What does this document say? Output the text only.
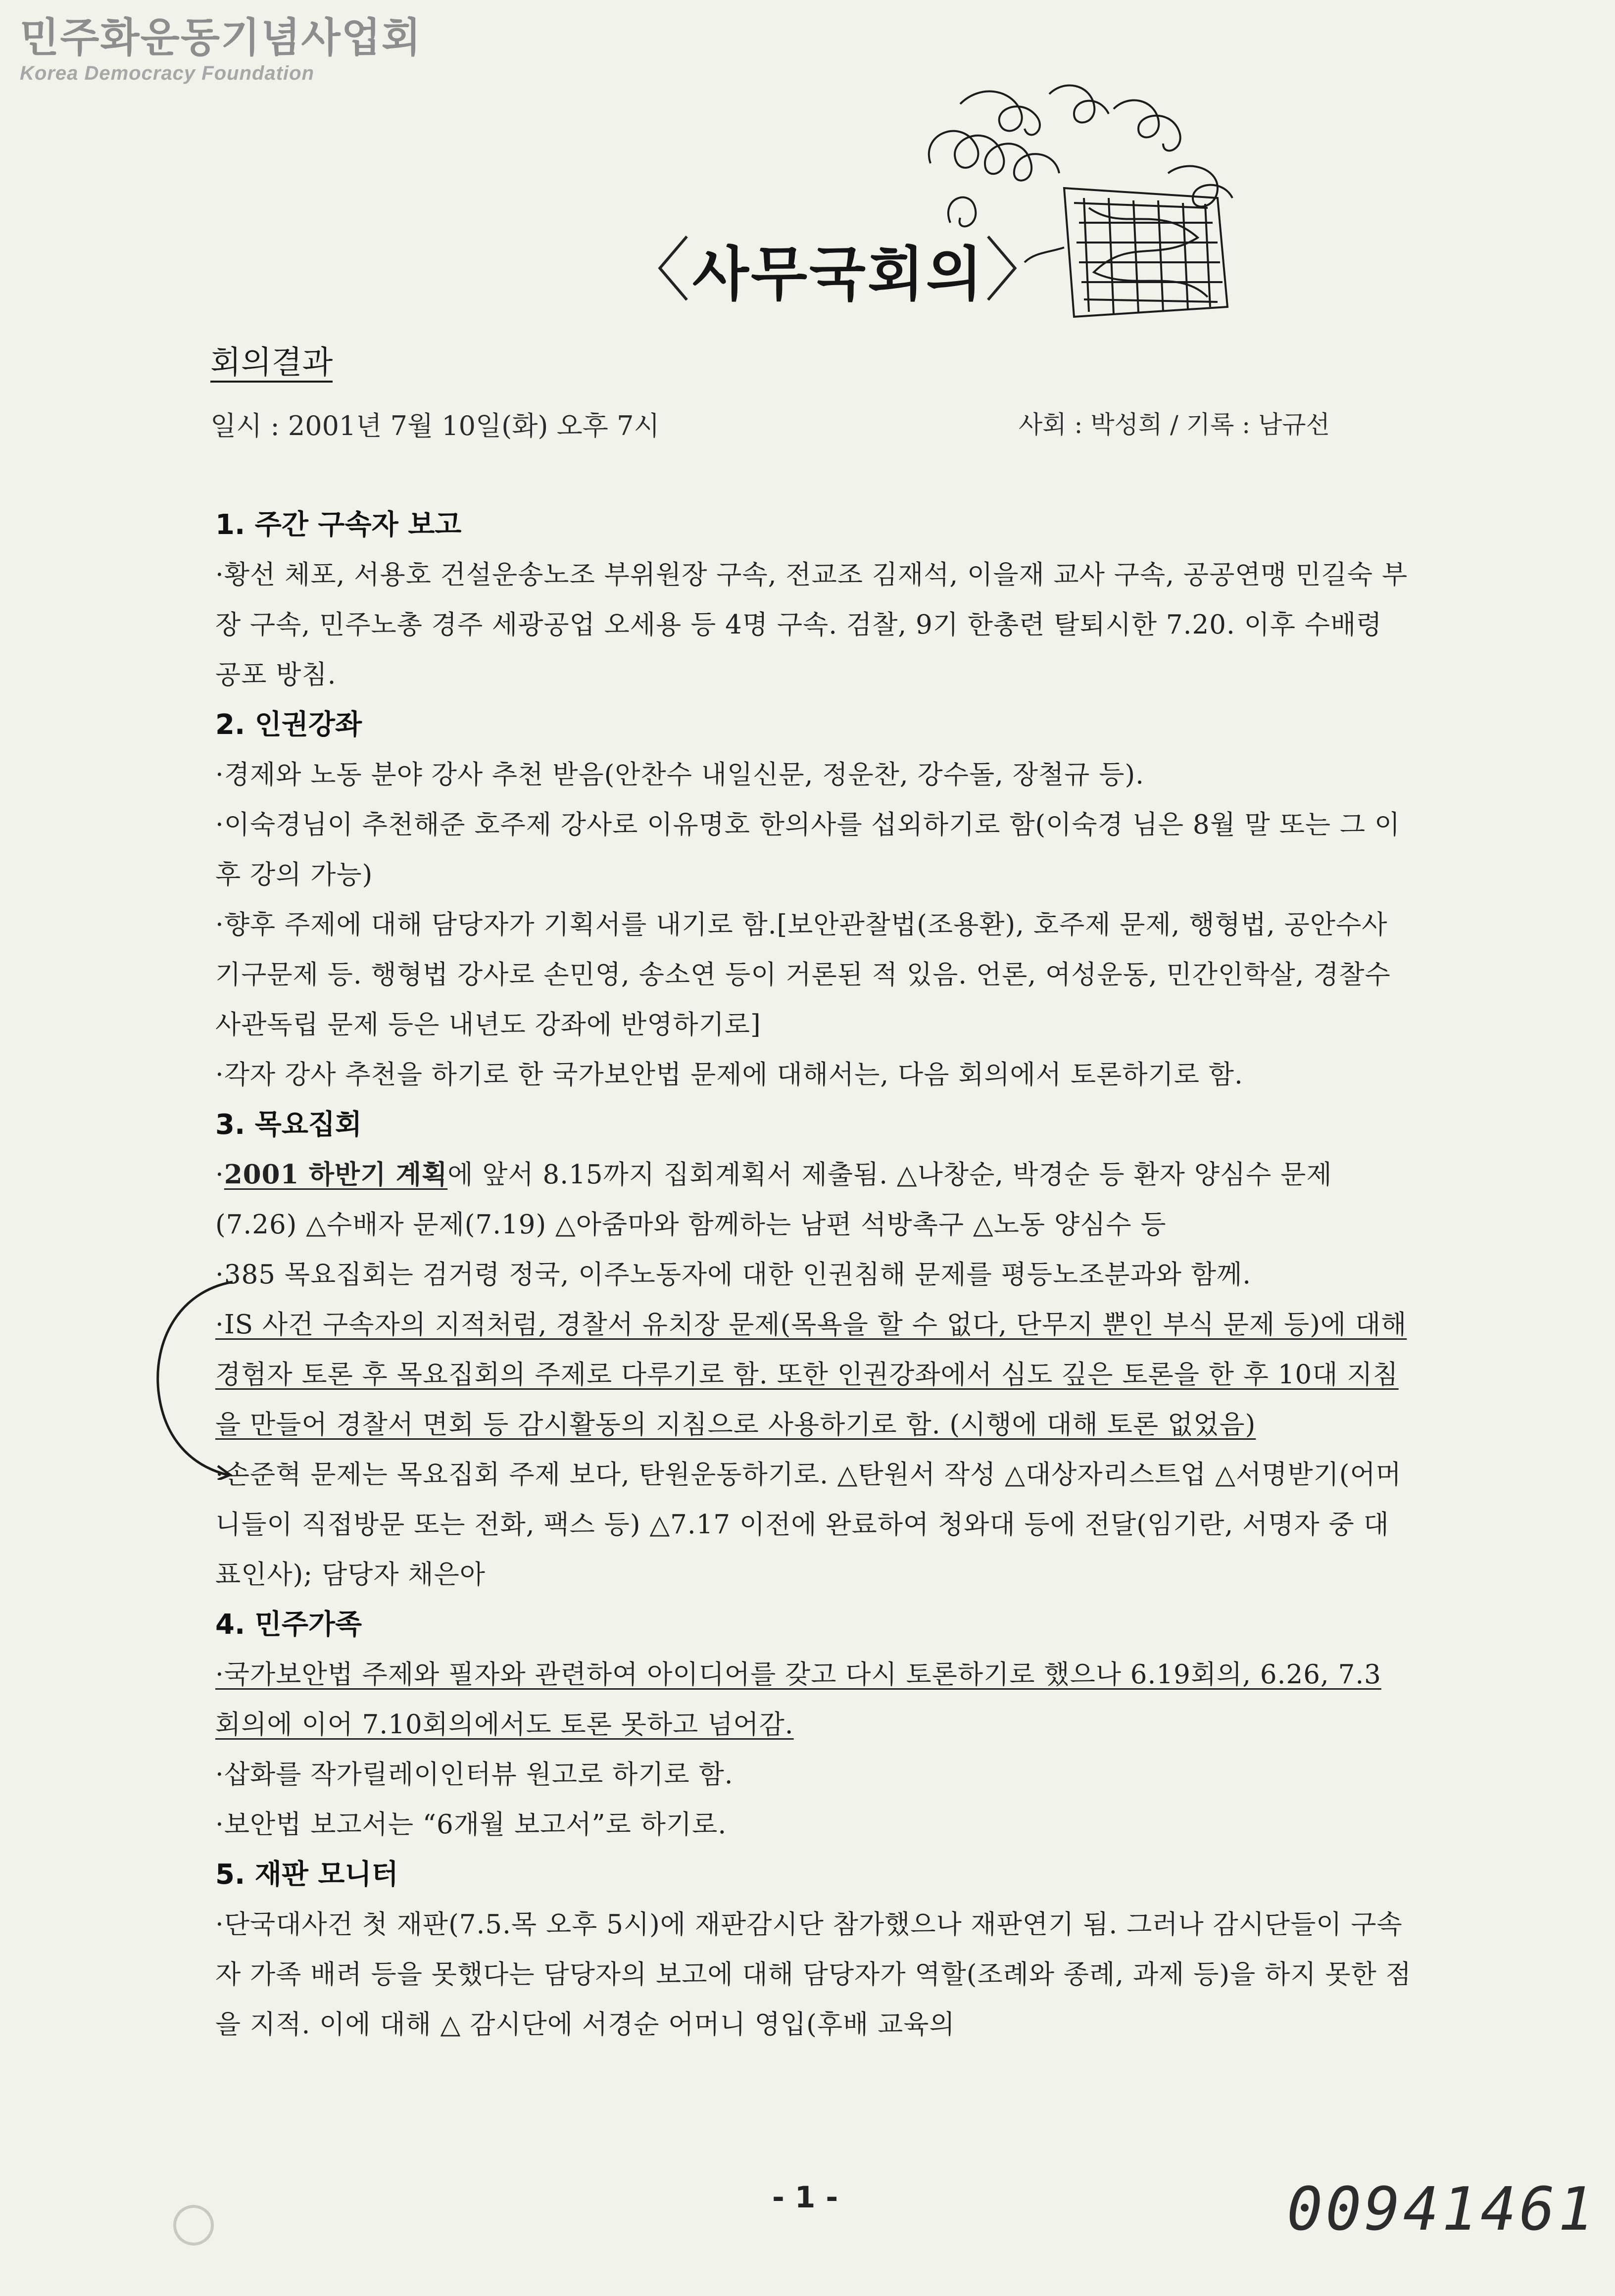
민주화운동기념사업회
Korea Democracy Foundation
〈사무국회의〉
회의결과
일시 : 2001년 7월 10일(화) 오후 7시	사회 : 박성희 / 기록 : 남규선
1. 주간 구속자 보고
·황선 체포, 서용호 건설운송노조 부위원장 구속, 전교조 김재석, 이을재 교사 구속, 공공연맹 민길숙 부장 구속, 민주노총 경주 세광공업 오세용 등 4명 구속. 검찰, 9기 한총련 탈퇴시한 7.20. 이후 수배령 공포 방침.
2. 인권강좌
·경제와 노동 분야 강사 추천 받음(안찬수 내일신문, 정운찬, 강수돌, 장철규 등).
·이숙경님이 추천해준 호주제 강사로 이유명호 한의사를 섭외하기로 함(이숙경 님은 8월 말 또는 그 이후 강의 가능)
·향후 주제에 대해 담당자가 기획서를 내기로 함.[보안관찰법(조용환), 호주제 문제, 행형법, 공안수사기구문제 등. 행형법 강사로 손민영, 송소연 등이 거론된 적 있음. 언론, 여성운동, 민간인학살, 경찰수사관독립 문제 등은 내년도 강좌에 반영하기로]
·각자 강사 추천을 하기로 한 국가보안법 문제에 대해서는, 다음 회의에서 토론하기로 함.
3. 목요집회
·2001 하반기 계획에 앞서 8.15까지 집회계획서 제출됨. △나창순, 박경순 등 환자 양심수 문제(7.26) △수배자 문제(7.19) △아줌마와 함께하는 남편 석방촉구 △노동 양심수 등
·385 목요집회는 검거령 정국, 이주노동자에 대한 인권침해 문제를 평등노조분과와 함께.
·IS 사건 구속자의 지적처럼, 경찰서 유치장 문제(목욕을 할 수 없다, 단무지 뿐인 부식 문제 등)에 대해 경험자 토론 후 목요집회의 주제로 다루기로 함. 또한 인권강좌에서 심도 깊은 토론을 한 후 10대 지침을 만들어 경찰서 면회 등 감시활동의 지침으로 사용하기로 함. (시행에 대해 토론 없었음)
·손준혁 문제는 목요집회 주제 보다, 탄원운동하기로. △탄원서 작성 △대상자리스트업 △서명받기(어머니들이 직접방문 또는 전화, 팩스 등) △7.17 이전에 완료하여 청와대 등에 전달(임기란, 서명자 중 대표인사); 담당자 채은아
4. 민주가족
·국가보안법 주제와 필자와 관련하여 아이디어를 갖고 다시 토론하기로 했으나 6.19회의, 6.26, 7.3 회의에 이어 7.10회의에서도 토론 못하고 넘어감.
·삽화를 작가릴레이인터뷰 원고로 하기로 함.
·보안법 보고서는 “6개월 보고서”로 하기로.
5. 재판 모니터
·단국대사건 첫 재판(7.5.목 오후 5시)에 재판감시단 참가했으나 재판연기 됨. 그러나 감시단들이 구속자 가족 배려 등을 못했다는 담당자의 보고에 대해 담당자가 역할(조례와 종례, 과제 등)을 하지 못한 점을 지적. 이에 대해 △ 감시단에 서경순 어머니 영입(후배 교육의
- 1 -	00941461
